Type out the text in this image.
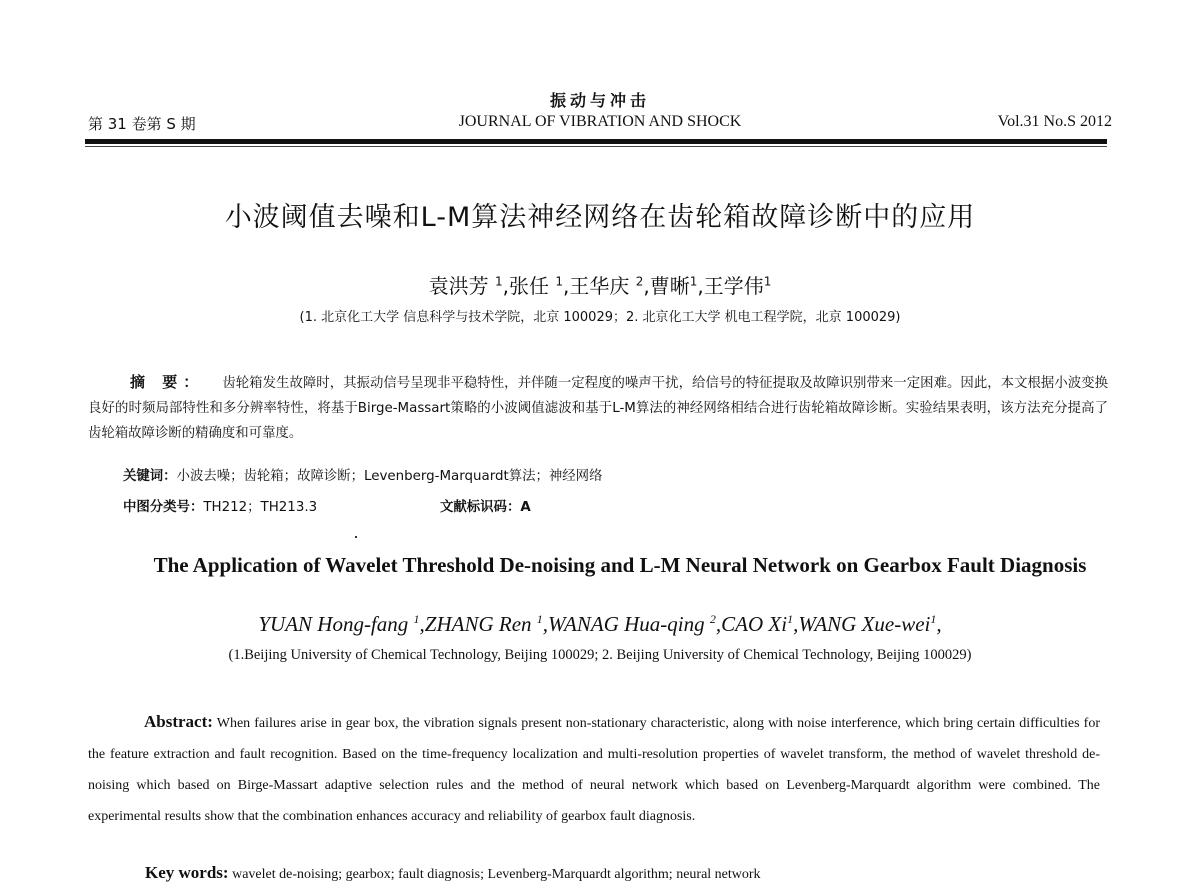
振动与冲击
第 31 卷第 S 期	JOURNAL OF VIBRATION AND SHOCK	Vol.31 No.S 2012
小波阈值去噪和L-M算法神经网络在齿轮箱故障诊断中的应用
袁洪芳 $^1$,张任 $^1$,王华庆 $^2$,曹晰$^1$,王学伟$^1$
(1. 北京化工大学 信息科学与技术学院，北京 100029；2. 北京化工大学 机电工程学院，北京 100029)
摘 要： 齿轮箱发生故障时，其振动信号呈现非平稳特性，并伴随一定程度的噪声干扰，给信号的特征提取及故障识别带来一定困难。因此，本文根据小波变换良好的时频局部特性和多分辨率特性，将基于Birge-Massart策略的小波阈值滤波和基于L-M算法的神经网络相结合进行齿轮箱故障诊断。实验结果表明，该方法充分提高了齿轮箱故障诊断的精确度和可靠度。
关键词：小波去噪；齿轮箱；故障诊断；Levenberg-Marquardt算法；神经网络
中图分类号：TH212；TH213.3	文献标识码：A
The Application of Wavelet Threshold De-noising and L-M Neural Network on Gearbox Fault Diagnosis
YUAN Hong-fang $^1$,ZHANG Ren $^1$,WANAG Hua-qing $^2$,CAO Xi$^1$,WANG Xue-wei$^1$,
(1.Beijing University of Chemical Technology, Beijing 100029; 2. Beijing University of Chemical Technology, Beijing 100029)
Abstract: When failures arise in gear box, the vibration signals present non-stationary characteristic, along with noise interference, which bring certain difficulties for the feature extraction and fault recognition. Based on the time-frequency localization and multi-resolution properties of wavelet transform, the method of wavelet threshold de-noising which based on Birge-Massart adaptive selection rules and the method of neural network which based on Levenberg-Marquardt algorithm were combined. The experimental results show that the combination enhances accuracy and reliability of gearbox fault diagnosis.
Key words: wavelet de-noising; gearbox; fault diagnosis; Levenberg-Marquardt algorithm; neural network
